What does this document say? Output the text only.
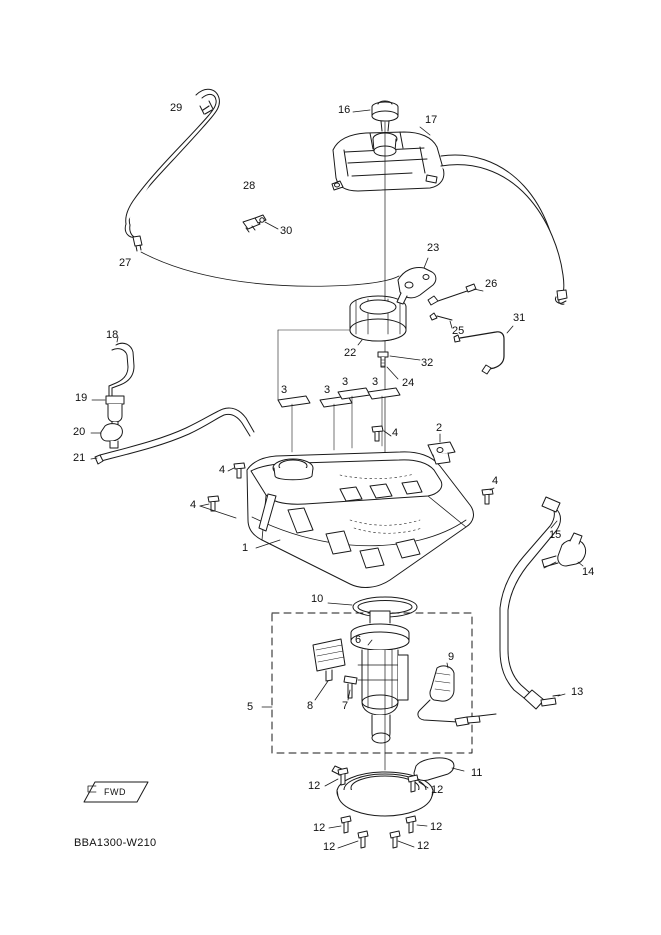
29	16
17
28
30
27
23
26
25
31
22
32
24
18
19
20
21
3	3
3 3
4	2
4
4
4
1
15
14
10
6
9
8	7
5
13
11
12	12
12	12
12	12
FWD
BBA1300-W210
